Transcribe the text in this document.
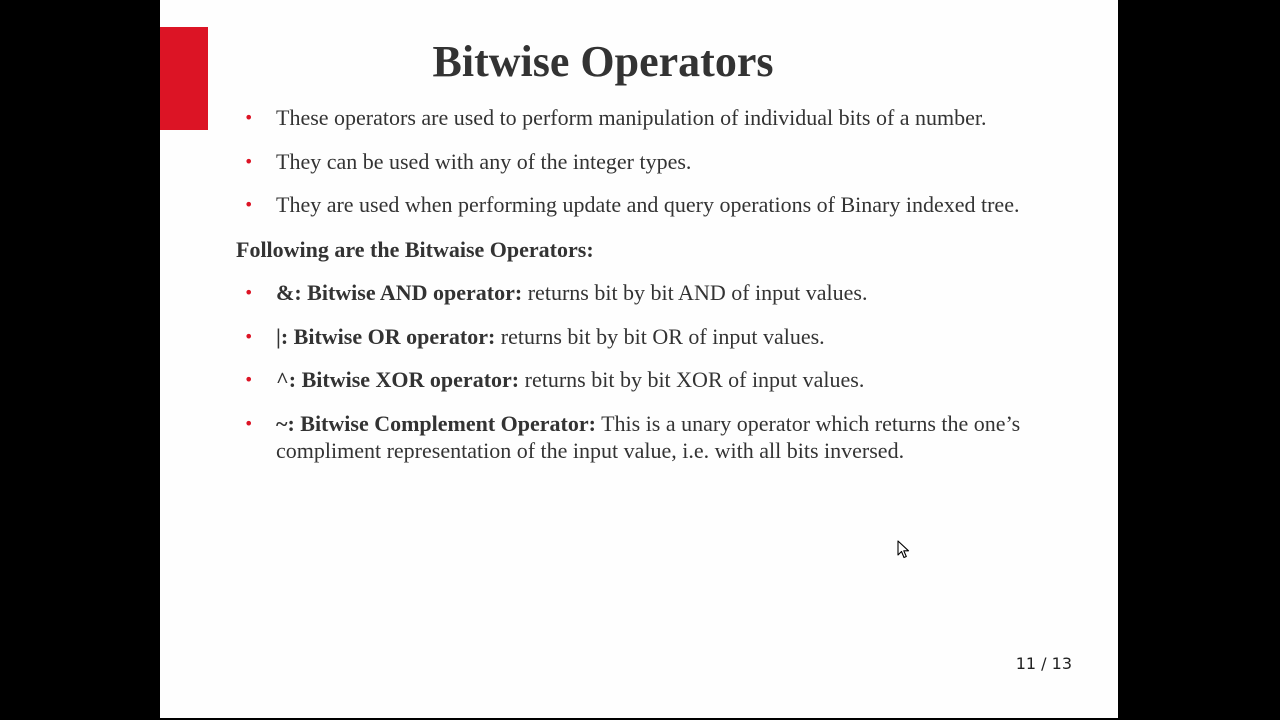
Bitwise Operators
• These operators are used to perform manipulation of individual bits of a number.
• They can be used with any of the integer types.
• They are used when performing update and query operations of Binary indexed tree.

Following are the Bitwaise Operators:

• &: Bitwise AND operator: returns bit by bit AND of input values.
• |: Bitwise OR operator: returns bit by bit OR of input values.
• ^: Bitwise XOR operator: returns bit by bit XOR of input values.
• ~: Bitwise Complement Operator: This is a unary operator which returns the one’s compliment representation of the input value, i.e. with all bits inversed.
11 / 13
